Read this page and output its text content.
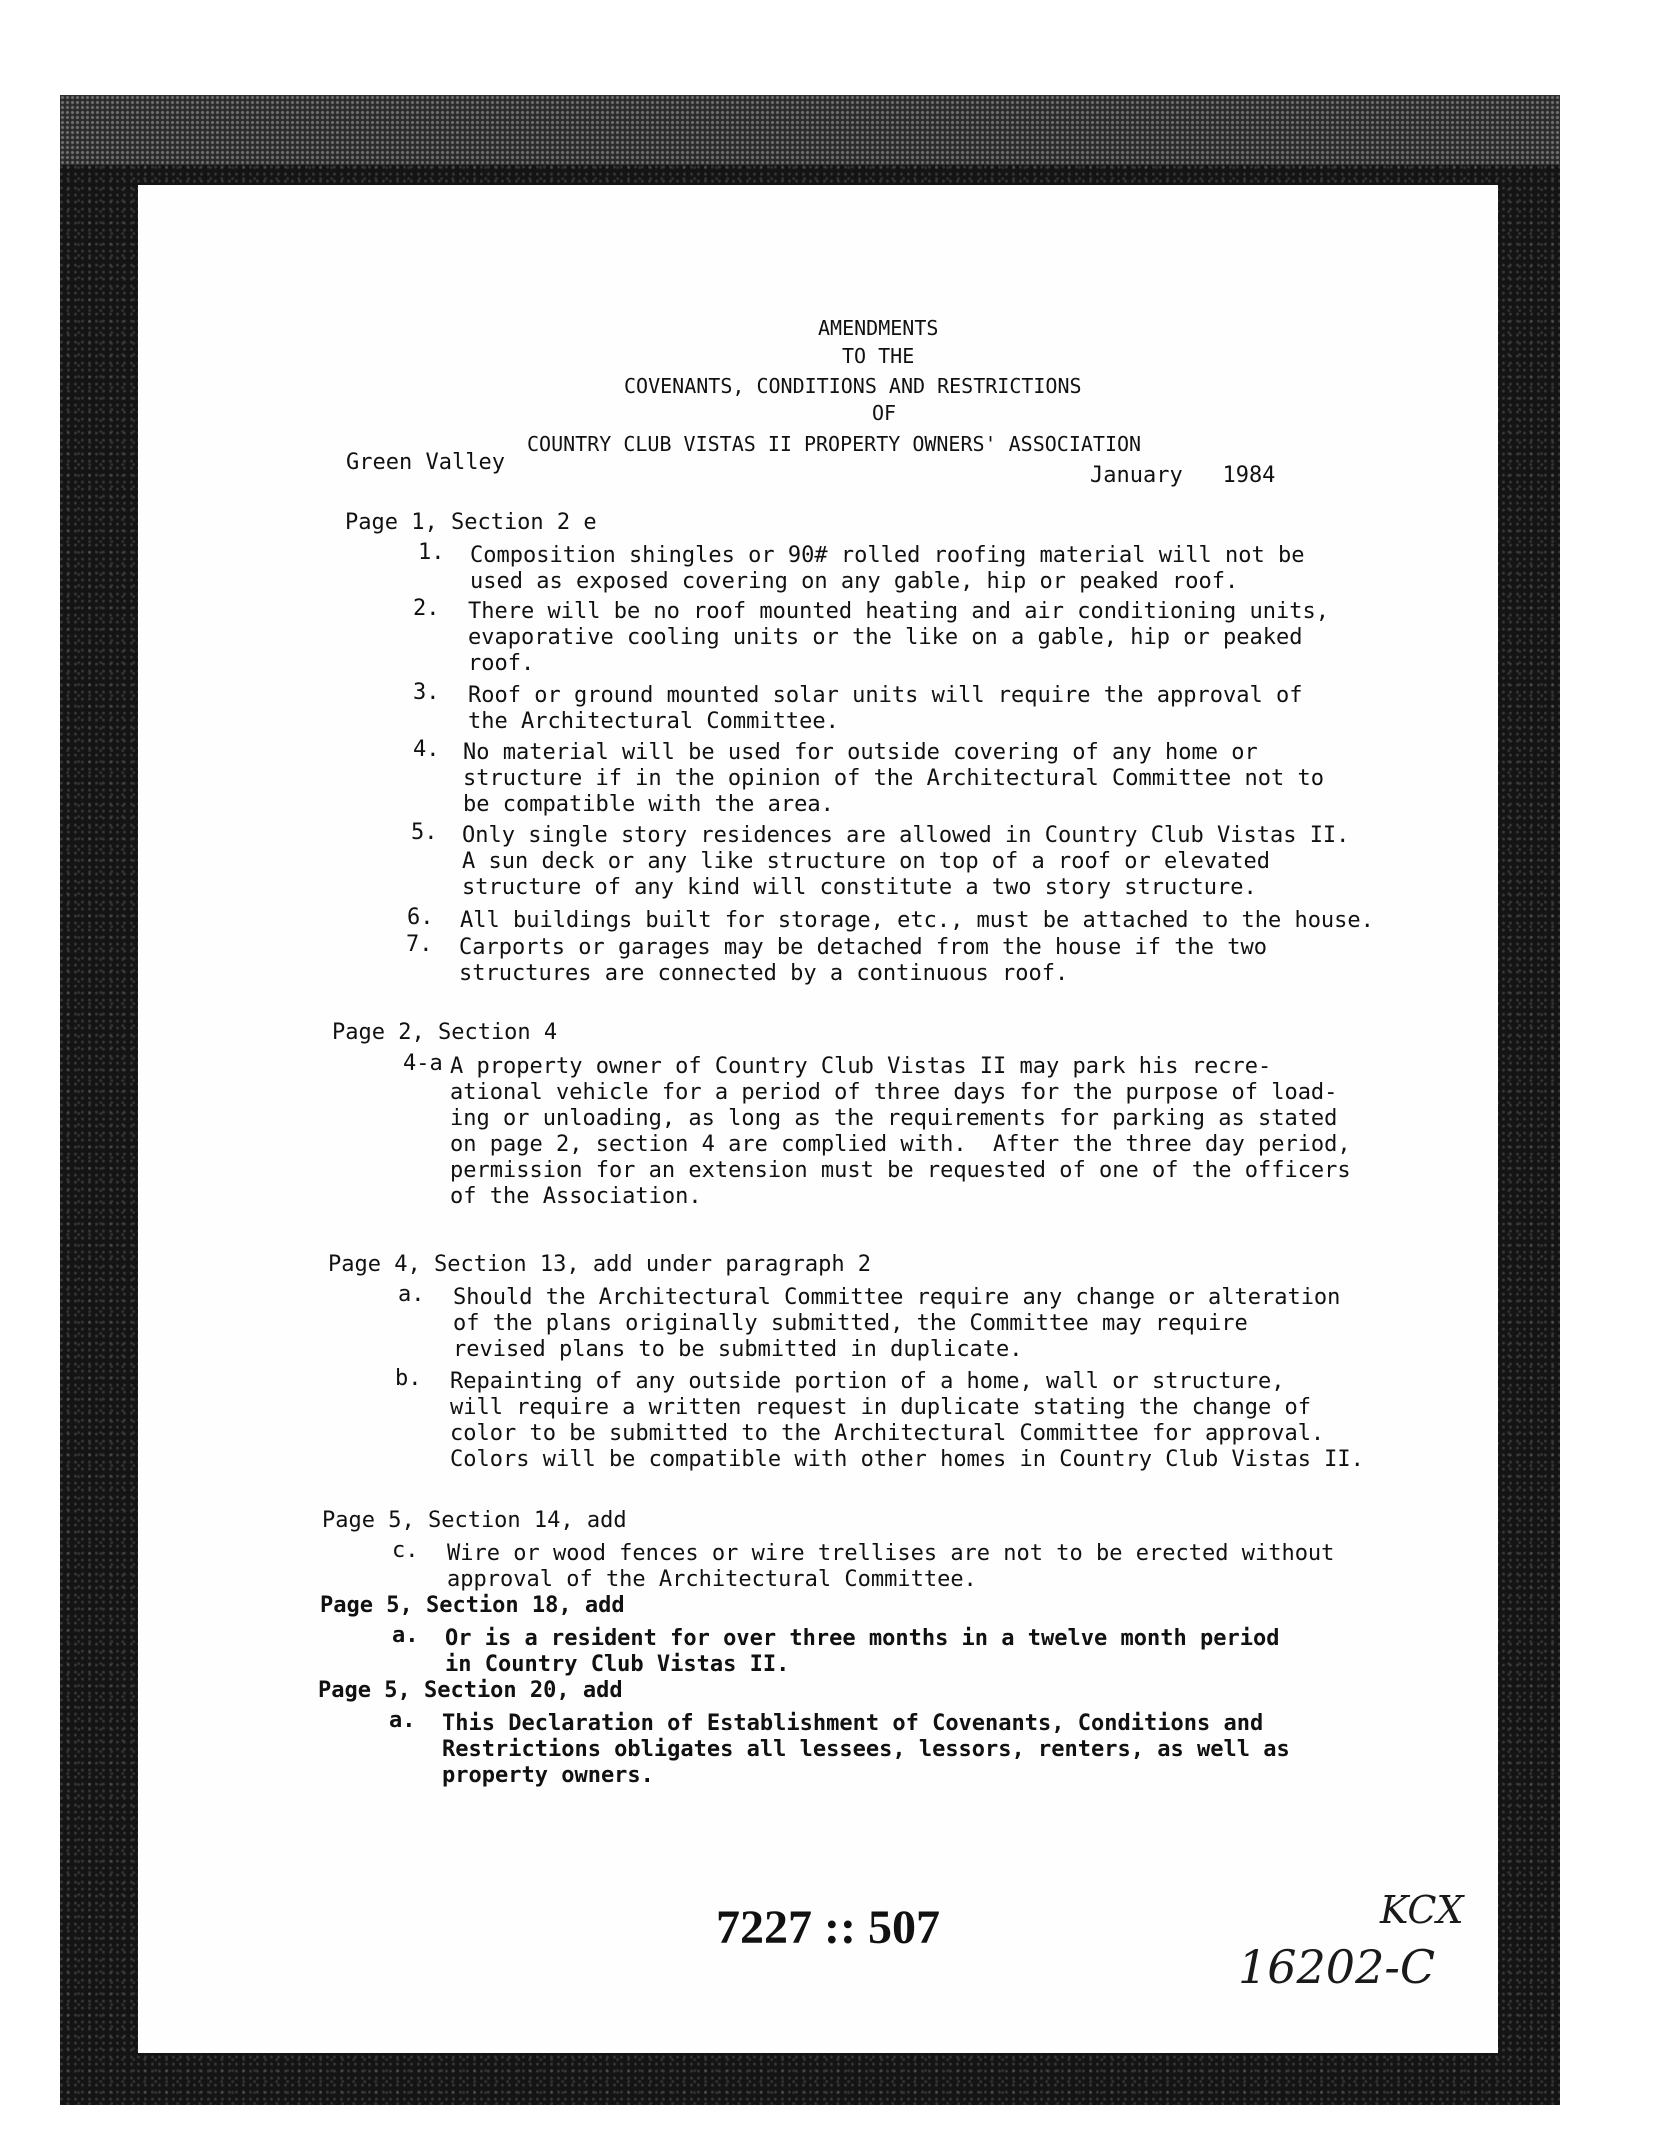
AMENDMENTS
TO THE
COVENANTS, CONDITIONS AND RESTRICTIONS
OF
COUNTRY CLUB VISTAS II PROPERTY OWNERS' ASSOCIATION
Green Valley
January   1984
Page 1, Section 2 e
1. Composition shingles or 90# rolled roofing material will not be
used as exposed covering on any gable, hip or peaked roof.
2. There will be no roof mounted heating and air conditioning units,
evaporative cooling units or the like on a gable, hip or peaked
roof.
3. Roof or ground mounted solar units will require the approval of
the Architectural Committee.
4. No material will be used for outside covering of any home or
structure if in the opinion of the Architectural Committee not to
be compatible with the area.
5. Only single story residences are allowed in Country Club Vistas II.
A sun deck or any like structure on top of a roof or elevated
structure of any kind will constitute a two story structure.
6. All buildings built for storage, etc., must be attached to the house.
7. Carports or garages may be detached from the house if the two
structures are connected by a continuous roof.
Page 2, Section 4
4-a A property owner of Country Club Vistas II may park his recre-
ational vehicle for a period of three days for the purpose of load-
ing or unloading, as long as the requirements for parking as stated
on page 2, section 4 are complied with.  After the three day period,
permission for an extension must be requested of one of the officers
of the Association.
Page 4, Section 13, add under paragraph 2
a. Should the Architectural Committee require any change or alteration
of the plans originally submitted, the Committee may require
revised plans to be submitted in duplicate.
b. Repainting of any outside portion of a home, wall or structure,
will require a written request in duplicate stating the change of
color to be submitted to the Architectural Committee for approval.
Colors will be compatible with other homes in Country Club Vistas II.
Page 5, Section 14, add
c. Wire or wood fences or wire trellises are not to be erected without
approval of the Architectural Committee.
Page 5, Section 18, add
a. Or is a resident for over three months in a twelve month period
in Country Club Vistas II.
Page 5, Section 20, add
a. This Declaration of Establishment of Covenants, Conditions and
Restrictions obligates all lessees, lessors, renters, as well as
property owners.
7227 :: 507
16202-C
KCX
